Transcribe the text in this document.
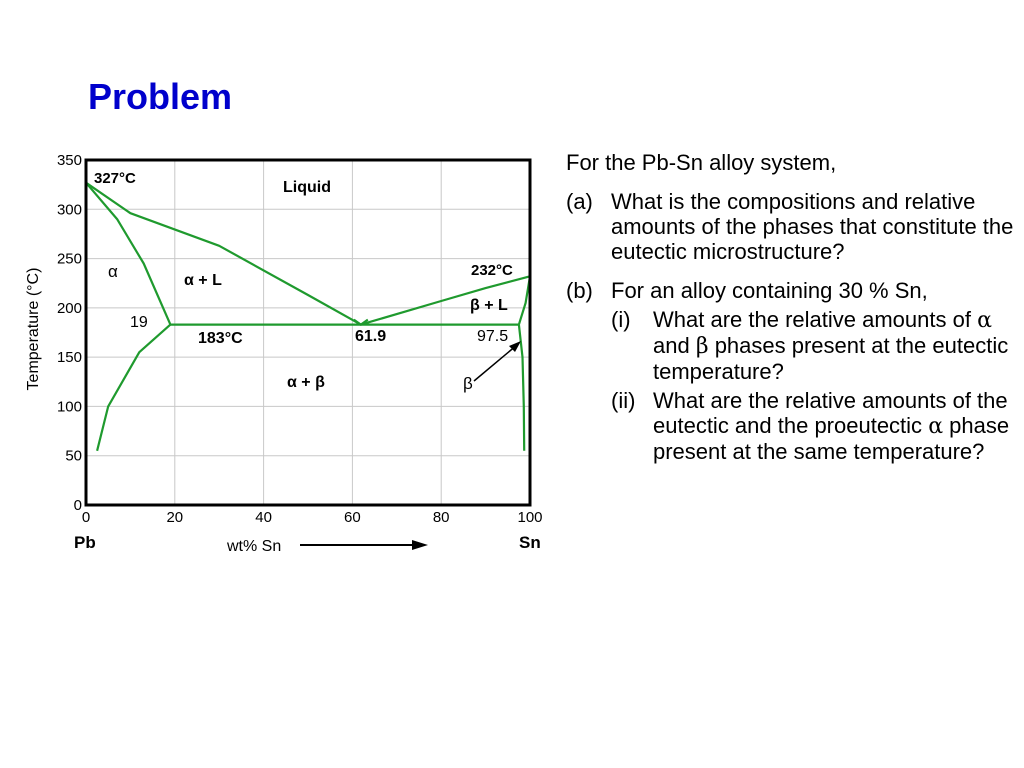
Problem
0
50
100
150
200
250
300
350
0	20	40	60	80	100
Temperature (°C)
wt% Sn
Pb	Sn
327°C
Liquid
α	α + L
232°C
β + L
19
183°C	61.9	97.5
α + β	β
For the Pb-Sn alloy system,
(a) What is the compositions and relative amounts of the phases that constitute the eutectic microstructure?
(b) For an alloy containing 30 % Sn,
(i)	What are the relative amounts of α and β phases present at the eutectic temperature?
(ii) What are the relative amounts of the eutectic and the proeutectic α phase present at the same temperature?
